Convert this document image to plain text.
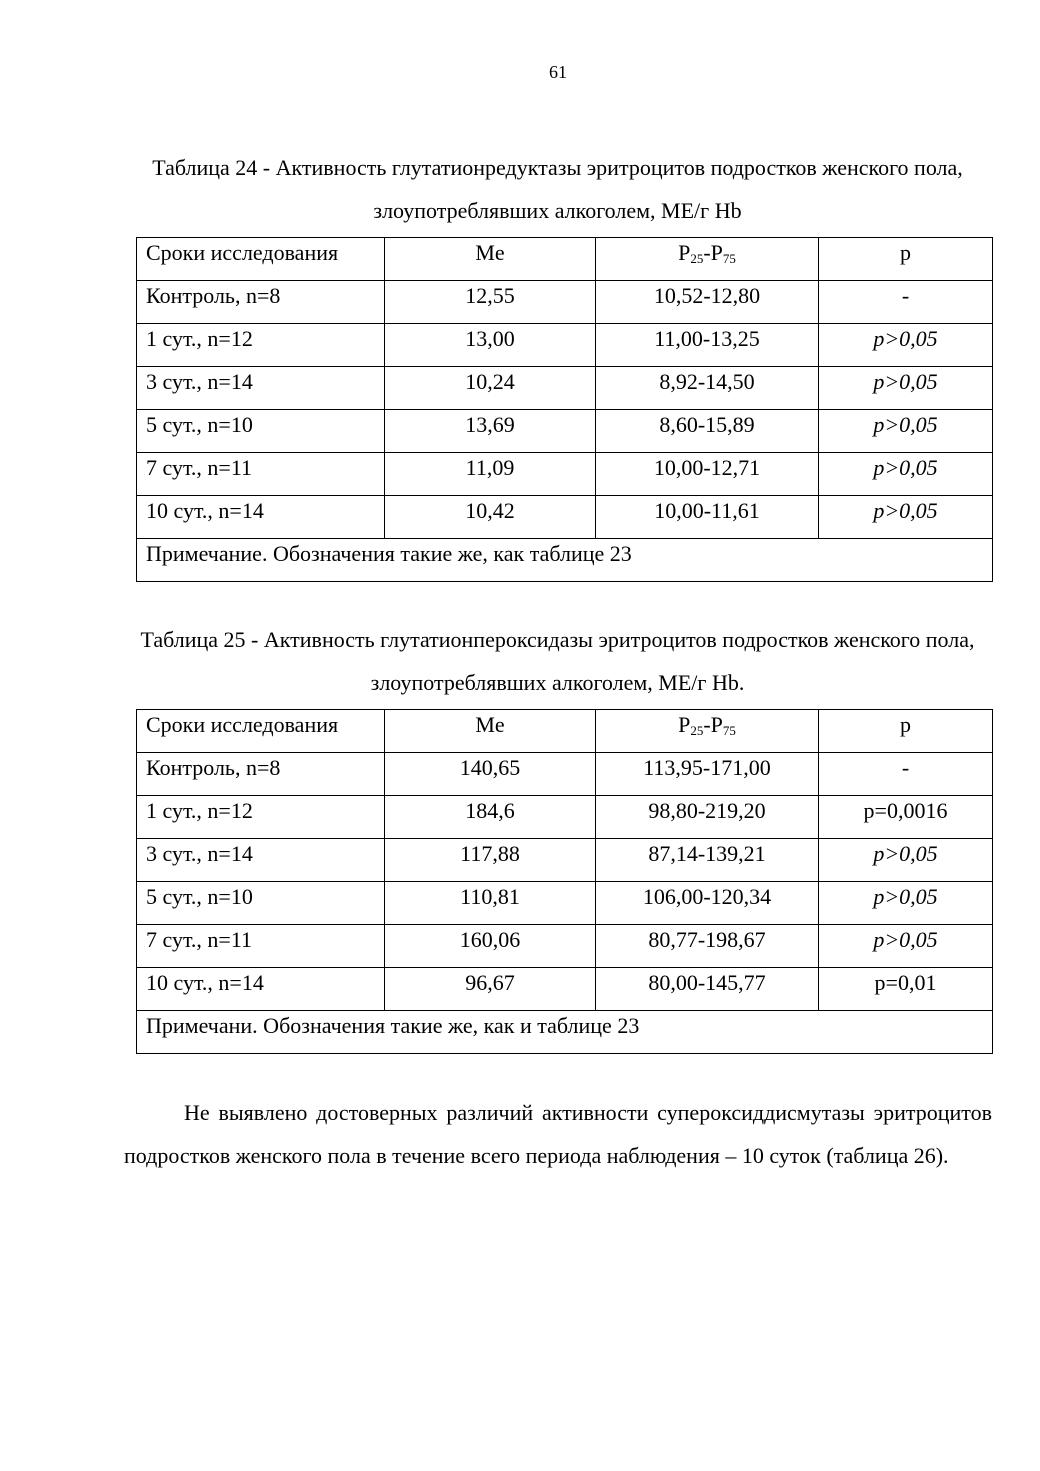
61
Таблица 24 - Активность глутатионредуктазы эритроцитов подростков женского пола, злоупотреблявших алкоголем, МЕ/г Hb
Сроки исследования	Me	$P_{25}-P_{75}$	p
Контроль, n=8	12,55	10,52-12,80	-
1 сут., n=12	13,00	11,00-13,25	p>0,05
3 сут., n=14	10,24	8,92-14,50	p>0,05
5 сут., n=10	13,69	8,60-15,89	p>0,05
7 сут., n=11	11,09	10,00-12,71	p>0,05
10 сут., n=14	10,42	10,00-11,61	p>0,05
Примечание. Обозначения такие же, как таблице 23			
Таблица 25 - Активность глутатионпероксидазы эритроцитов подростков женского пола, злоупотреблявших алкоголем, МЕ/г Hb.
Сроки исследования	Me	$P_{25}-P_{75}$	p
Контроль, n=8	140,65	113,95-171,00	-
1 сут., n=12	184,6	98,80-219,20	p=0,0016
3 сут., n=14	117,88	87,14-139,21	p>0,05
5 сут., n=10	110,81	106,00-120,34	p>0,05
7 сут., n=11	160,06	80,77-198,67	p>0,05
10 сут., n=14	96,67	80,00-145,77	p=0,01
Примечани. Обозначения такие же, как и таблице 23			
Не выявлено достоверных различий активности супероксиддисмутазы эритроцитов подростков женского пола в течение всего периода наблюдения – 10 суток (таблица 26).
